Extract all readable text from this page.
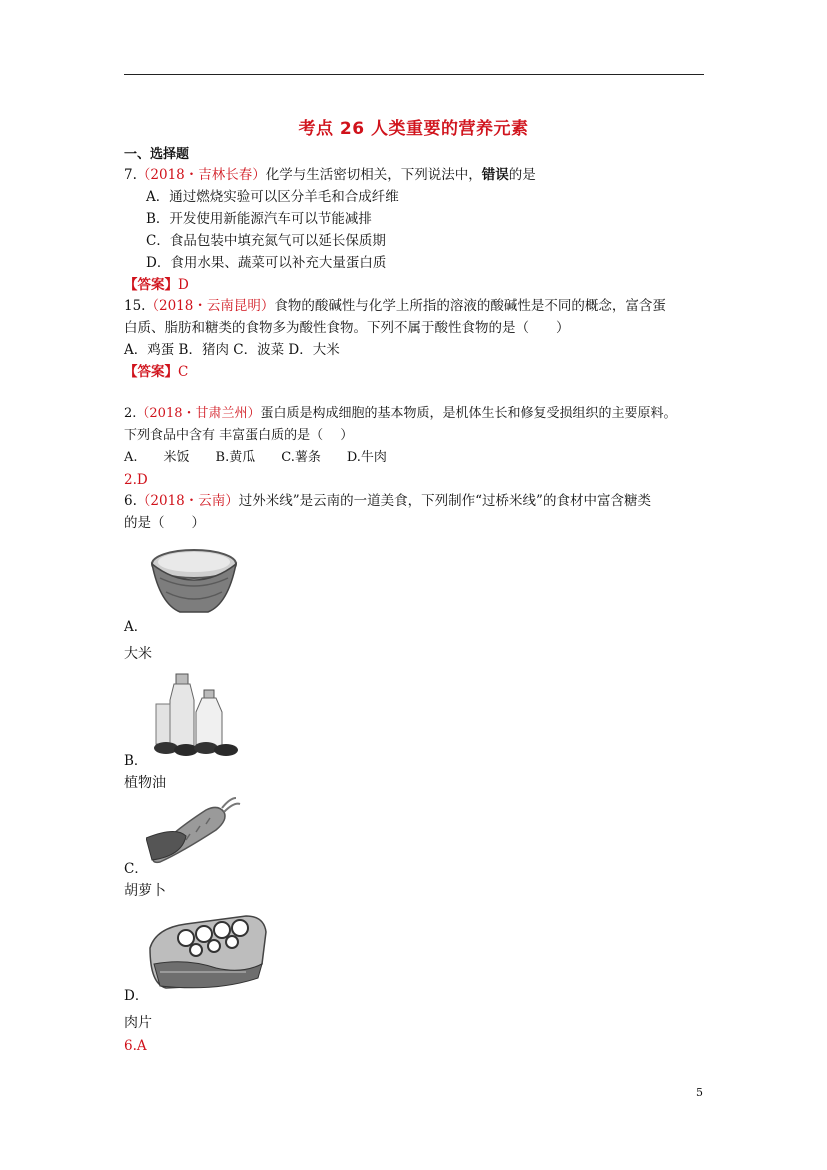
考点 26 人类重要的营养元素
一、选择题
7.（2018・吉林长春）化学与生活密切相关，下列说法中，错误的是
A．通过燃烧实验可以区分羊毛和合成纤维
B．开发使用新能源汽车可以节能减排
C．食品包装中填充氮气可以延长保质期
D．食用水果、蔬菜可以补充大量蛋白质
【答案】D
15.（2018・云南昆明）食物的酸碱性与化学上所指的溶液的酸碱性是不同的概念，富含蛋
白质、脂肪和糖类的食物多为酸性食物。下列不属于酸性食物的是（　　）
A．鸡蛋 B．猪肉 C．波菜 D．大米
【答案】C
2.（2018・甘肃兰州）蛋白质是构成细胞的基本物质，是机体生长和修复受损组织的主要原料。
下列食品中含有 丰富蛋白质的是（　 ）
A.　　米饭　　B.黄瓜　　C.薯条　　D.牛肉
2.D
6.（2018・云南）过外米线”是云南的一道美食，下列制作“过桥米线”的食材中富含糖类
的是（　　）
A．
大米
B．
植物油
C．
胡萝卜
D．
肉片
6.A
5
